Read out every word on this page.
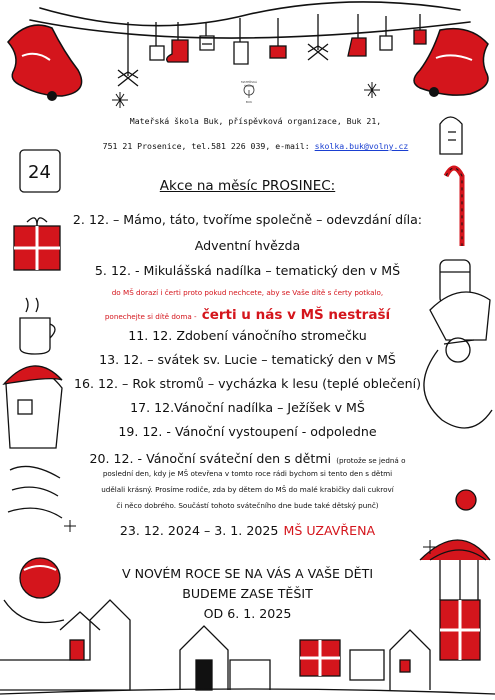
24
MATEŘSKÁ ŠKOLA
BUK
Mateřská škola Buk, příspěvková organizace, Buk 21,
751 21 Prosenice, tel.581 226 039, e-mail: skolka.buk@volny.cz
Akce na měsíc PROSINEC:
2. 12. – Mámo, táto, tvoříme společně – odevzdání díla:
Adventní hvězda
5. 12. - Mikulášská nadílka – tematický den v MŠ
do MŠ dorazí i čerti proto pokud nechcete, aby se Vaše dítě s čerty potkalo,
ponechejte si dítě doma - čerti u nás v MŠ nestraší
11. 12. Zdobení vánočního stromečku
13. 12. – svátek sv. Lucie – tematický den v MŠ
16. 12. – Rok stromů – vycházka k lesu (teplé oblečení)
17. 12.Vánoční nadílka – Ježíšek v MŠ
19. 12. - Vánoční vystoupení - odpoledne
20. 12. - Vánoční sváteční den s dětmi (protože se jedná o
poslední den, kdy je MŠ otevřena v tomto roce rádi bychom si tento den s dětmi
udělali krásný. Prosíme rodiče, zda by dětem do MŠ do malé krabičky dali cukroví
či něco dobrého. Součástí tohoto svátečního dne bude také dětský punč)
23. 12. 2024 – 3. 1. 2025 MŠ UZAVŘENA
V NOVÉM ROCE SE NA VÁS A VAŠE DĚTI
BUDEME ZASE TĚŠIT
OD 6. 1. 2025
